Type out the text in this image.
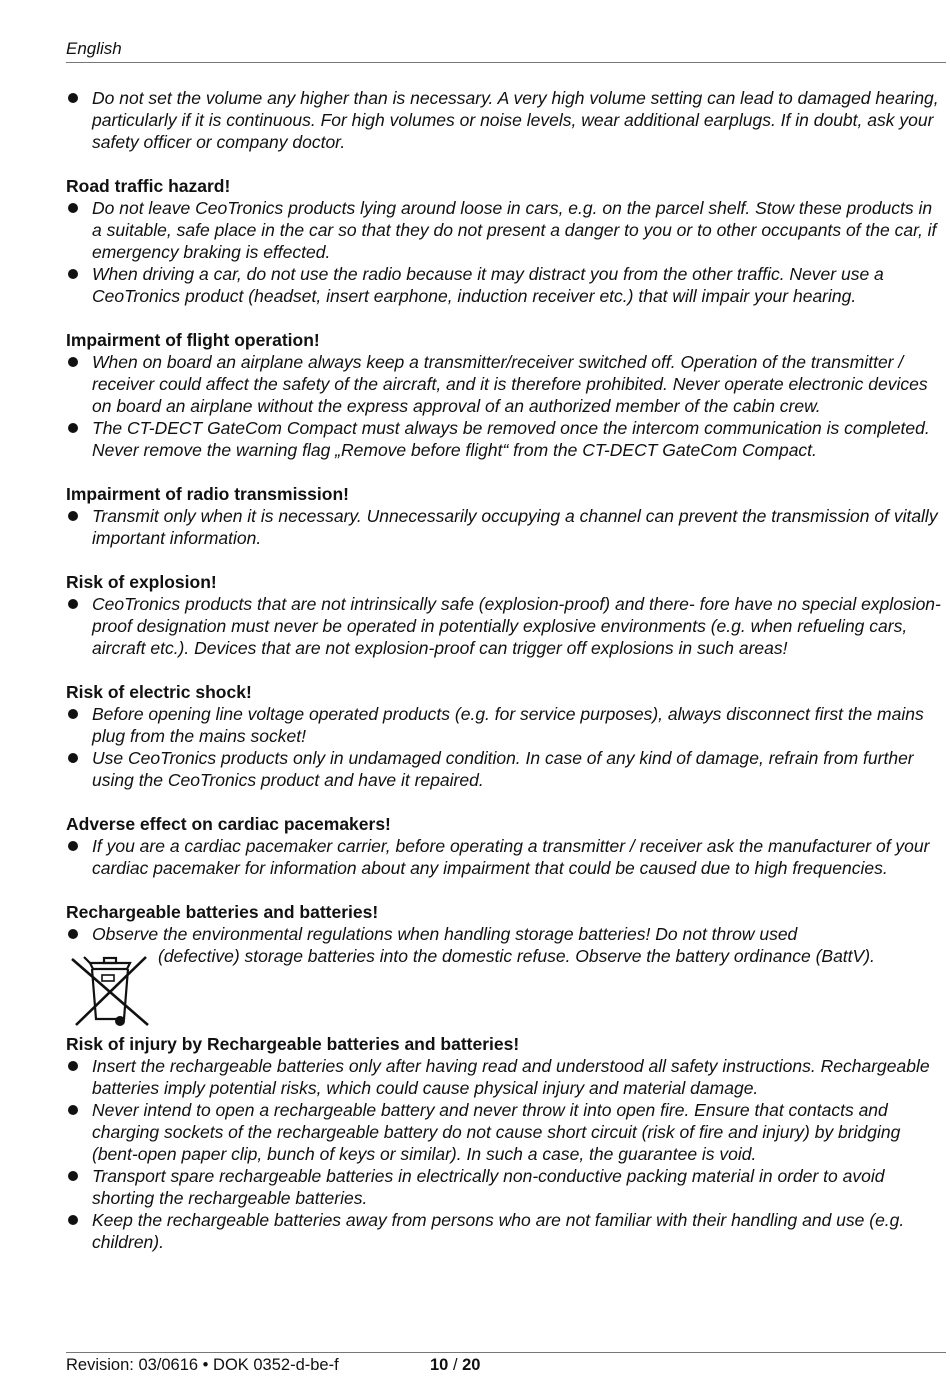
English
Do not set the volume any higher than is necessary. A very high volume setting can lead to damaged hearing, particularly if it is continuous. For high volumes or noise levels, wear additional earplugs. If in doubt, ask your safety officer or company doctor.

Road traffic hazard!

Do not leave CeoTronics products lying around loose in cars, e.g. on the parcel shelf. Stow these products in a suitable, safe place in the car so that they do not present a danger to you or to other occupants of the car, if emergency braking is effected.
When driving a car, do not use the radio because it may distract you from the other traffic. Never use a CeoTronics product (headset, insert earphone, induction receiver etc.) that will impair your hearing.

Impairment of flight operation!

When on board an airplane always keep a transmitter/receiver switched off. Operation of the transmitter / receiver could affect the safety of the aircraft, and it is therefore prohibited. Never operate electronic devices on board an airplane without the express approval of an authorized member of the cabin crew.
The CT-DECT GateCom Compact must always be removed once the intercom communication is completed. Never remove the warning flag „Remove before flight“ from the CT-DECT GateCom Compact.

Impairment of radio transmission!

Transmit only when it is necessary. Unnecessarily occupying a channel can prevent the transmission of vitally important information.

Risk of explosion!

CeoTronics products that are not intrinsically safe (explosion-proof) and there- fore have no special explosion-proof designation must never be operated in potentially explosive environments (e.g. when refueling cars, aircraft etc.). Devices that are not explosion-proof can trigger off explosions in such areas!

Risk of electric shock!

Before opening line voltage operated products (e.g. for service purposes), always disconnect first the mains plug from the mains socket!
Use CeoTronics products only in undamaged condition. In case of any kind of damage, refrain from further using the CeoTronics product and have it repaired.

Adverse effect on cardiac pacemakers!

If you are a cardiac pacemaker carrier, before operating a transmitter / receiver ask the manufacturer of your cardiac pacemaker for information about any impairment that could be caused due to high frequencies.

Rechargeable batteries and batteries!

Observe the environmental regulations when handling storage batteries! Do not throw used
(defective) storage batteries into the domestic refuse. Observe the battery ordinance (BattV).

Risk of injury by Rechargeable batteries and batteries!

Insert the rechargeable batteries only after having read and understood all safety instructions. Rechargeable batteries imply potential risks, which could cause physical injury and material damage.
Never intend to open a rechargeable battery and never throw it into open fire. Ensure that contacts and charging sockets of the rechargeable battery do not cause short circuit (risk of fire and injury) by bridging (bent-open paper clip, bunch of keys or similar). In such a case, the guarantee is void.
Transport spare rechargeable batteries in electrically non-conductive packing material in order to avoid shorting the rechargeable batteries.
Keep the rechargeable batteries away from persons who are not familiar with their handling and use (e.g. children).
Revision: 03/0616 • DOK 0352-d-be-f	10 / 20
